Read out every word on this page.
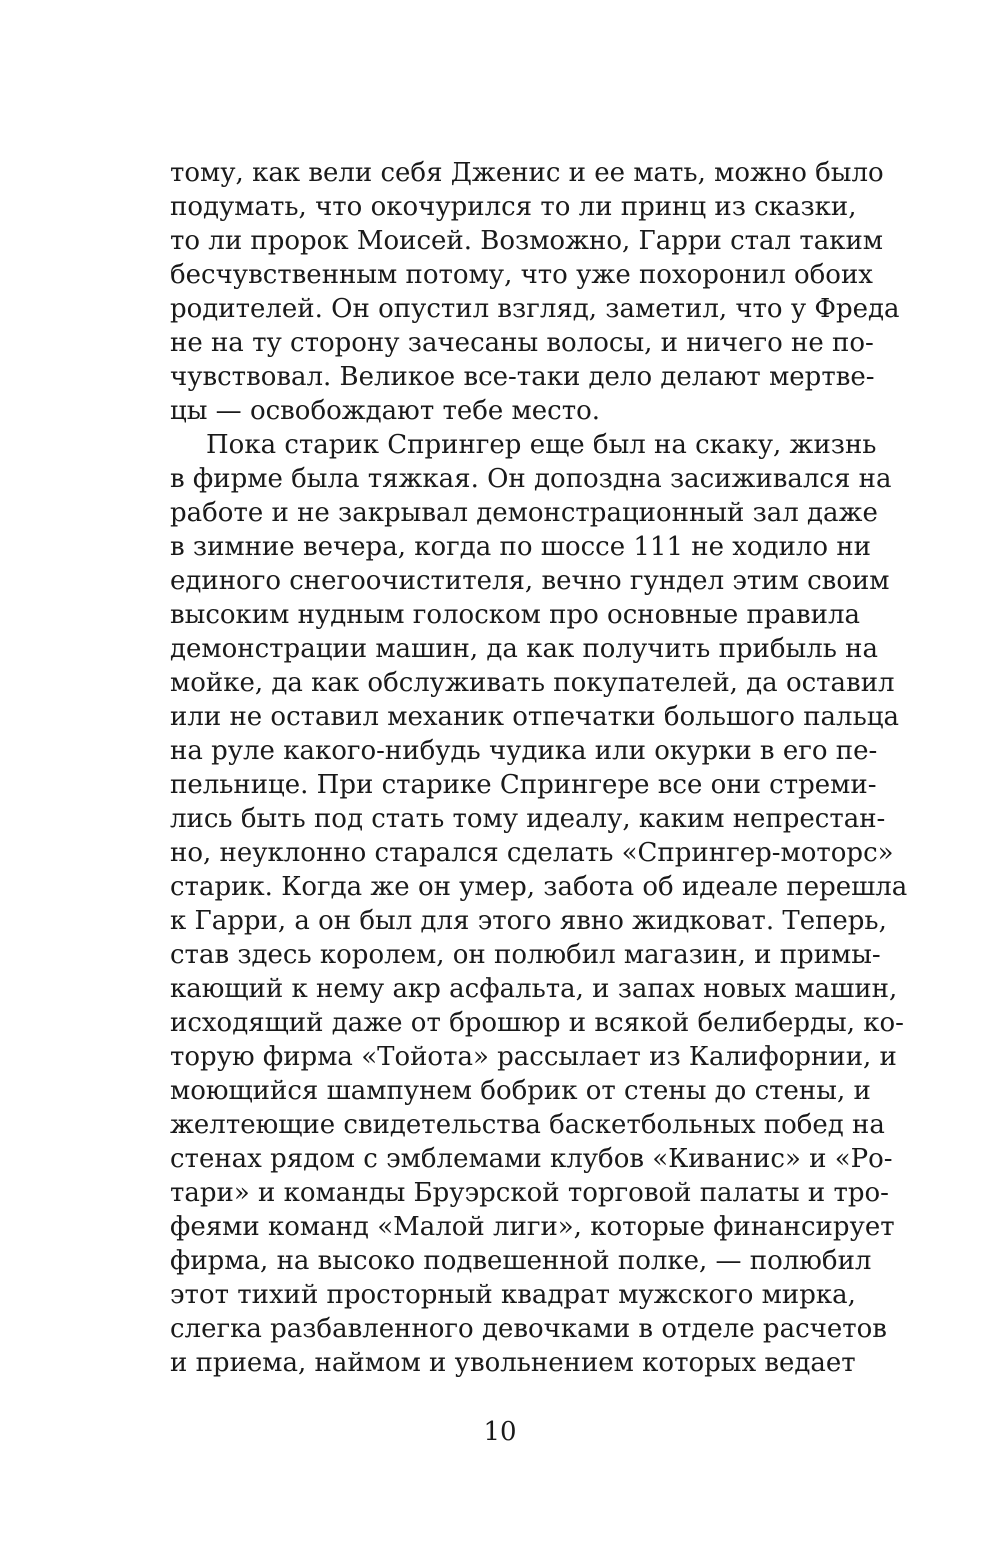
тому, как вели себя Дженис и ее мать, можно было
подумать, что окочурился то ли принц из сказки,
то ли пророк Моисей. Возможно, Гарри стал таким
бесчувственным потому, что уже похоронил обоих
родителей. Он опустил взгляд, заметил, что у Фреда
не на ту сторону зачесаны волосы, и ничего не по-
чувствовал. Великое все-таки дело делают мертве-
цы — освобождают тебе место.
Пока старик Спрингер еще был на скаку, жизнь
в фирме была тяжкая. Он допоздна засиживался на
работе и не закрывал демонстрационный зал даже
в зимние вечера, когда по шоссе 111 не ходило ни
единого снегоочистителя, вечно гундел этим своим
высоким нудным голоском про основные правила
демонстрации машин, да как получить прибыль на
мойке, да как обслуживать покупателей, да оставил
или не оставил механик отпечатки большого пальца
на руле какого-нибудь чудика или окурки в его пе-
пельнице. При старике Спрингере все они стреми-
лись быть под стать тому идеалу, каким непрестан-
но, неуклонно старался сделать «Спрингер-моторс»
старик. Когда же он умер, забота об идеале перешла
к Гарри, а он был для этого явно жидковат. Теперь,
став здесь королем, он полюбил магазин, и примы-
кающий к нему акр асфальта, и запах новых машин,
исходящий даже от брошюр и всякой белиберды, ко-
торую фирма «Тойота» рассылает из Калифорнии, и
моющийся шампунем бобрик от стены до стены, и
желтеющие свидетельства баскетбольных побед на
стенах рядом с эмблемами клубов «Киванис» и «Ро-
тари» и команды Бруэрской торговой палаты и тро-
феями команд «Малой лиги», которые финансирует
фирма, на высоко подвешенной полке, — полюбил
этот тихий просторный квадрат мужского мирка,
слегка разбавленного девочками в отделе расчетов
и приема, наймом и увольнением которых ведает
10
